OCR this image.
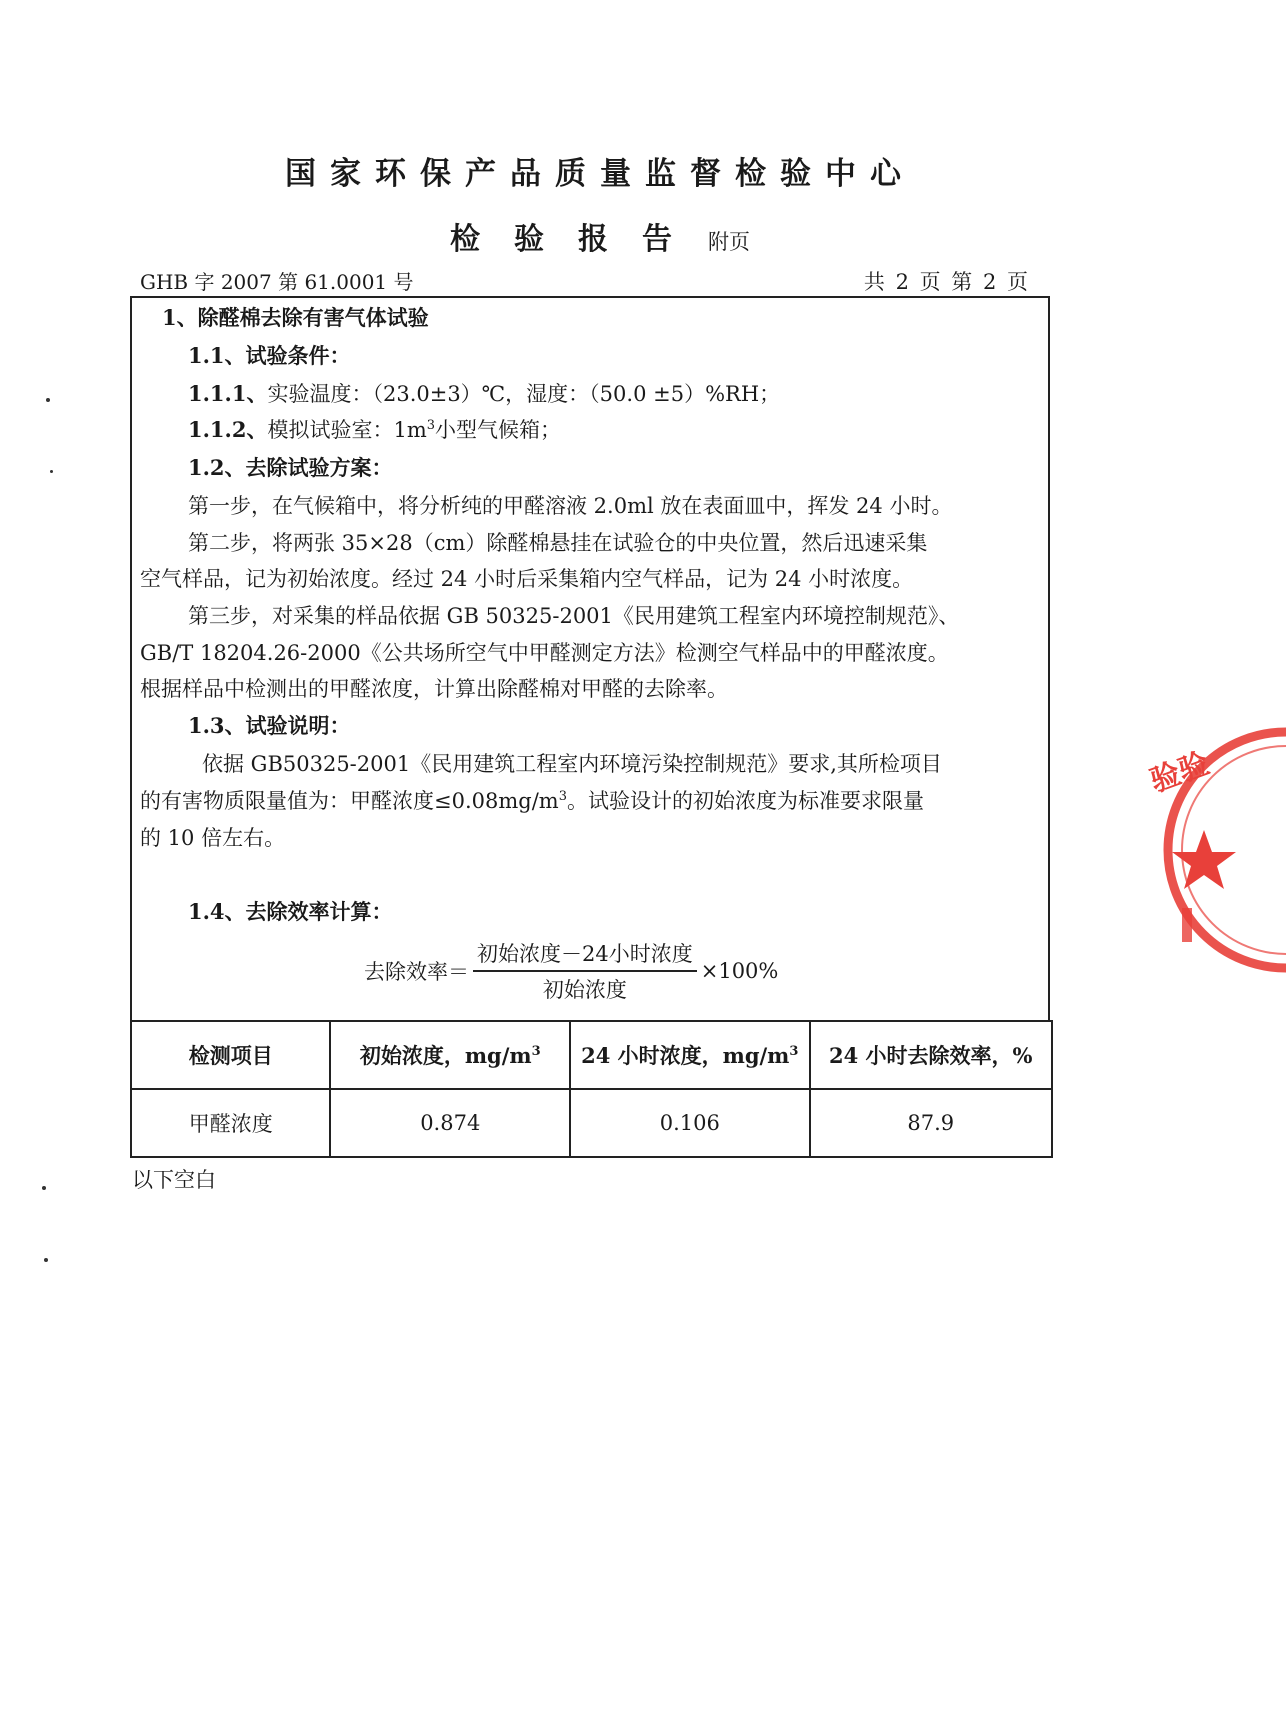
国家环保产品质量监督检验中心
检验报告附页
GHB 字 2007 第 61.0001 号	共 2 页 第 2 页
1、除醛棉去除有害气体试验
1.1、试验条件：
1.1.1、实验温度：（23.0±3）℃，湿度：（50.0 ±5）%RH；
1.1.2、模拟试验室：$1m^3$小型气候箱；
1.2、去除试验方案：
第一步，在气候箱中，将分析纯的甲醛溶液 2.0ml 放在表面皿中，挥发 24 小时。
第二步，将两张 35×28（cm）除醛棉悬挂在试验仓的中央位置，然后迅速采集
空气样品，记为初始浓度。经过 24 小时后采集箱内空气样品，记为 24 小时浓度。
第三步，对采集的样品依据 GB 50325-2001《民用建筑工程室内环境控制规范》、
GB/T 18204.26-2000《公共场所空气中甲醛测定方法》检测空气样品中的甲醛浓度。
根据样品中检测出的甲醛浓度，计算出除醛棉对甲醛的去除率。
1.3、试验说明：
依据 GB50325-2001《民用建筑工程室内环境污染控制规范》要求,其所检项目
的有害物质限量值为：甲醛浓度$\le 0.08mg/m^3$。试验设计的初始浓度为标准要求限量
的 10 倍左右。
1.4、去除效率计算：
去除效率＝ $\frac{\text{初始浓度－24小时浓度}}{\text{初始浓度}} \times 100\%$
检测项目	初始浓度，$mg/m^3$	24 小时浓度，$mg/m^3$	24 小时去除效率，%
甲醛浓度	0.874	0.106	87.9
以下空白
验验
